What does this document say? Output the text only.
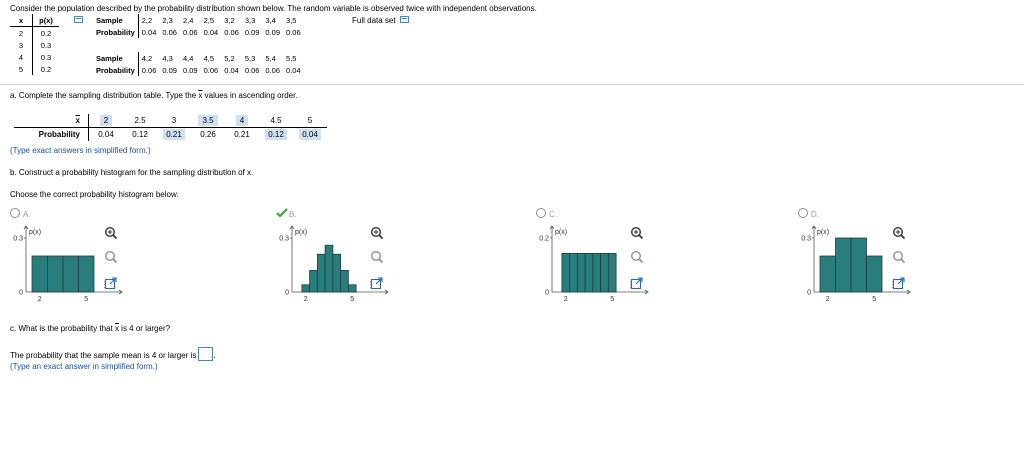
Consider the population described by the probability distribution shown below. The random variable is observed twice with independent observations.
x	p(x)
2	0.2
3	0.3
4	0.3
5	0.2
Sample	2,2	2,3	2,4	2,5	3,2	3,3	3,4	3,5
Probability	0.04	0.06	0.06	0.04	0.06	0.09	0.09	0.06
Full data set
Sample	4,2	4,3	4,4	4,5	5,2	5,3	5,4	5,5
Probability	0.06	0.09	0.09	0.06	0.04	0.06	0.06	0.04
a. Complete the sampling distribution table. Type the $\overline{x}$ values in ascending order.
$\overline{x}$	2	2.5	3	3.5	4	4.5	5
Probability	0.04	0.12	0.21	0.26	0.21	0.12	0.04
(Type exact answers in simplified form.)
b. Construct a probability histogram for the sampling distribution of x.
Choose the correct probability histogram below.
A.
0.3
0
p(x)
2	5
B.
0.3
0
p(x)
2	5
C.
0.2
0
p(x)
2	5
D.
0.3
0
p(x)
2	5
c. What is the probability that $\overline{x}$ is 4 or larger?
The probability that the sample mean is 4 or larger is .
(Type an exact answer in simplified form.)
